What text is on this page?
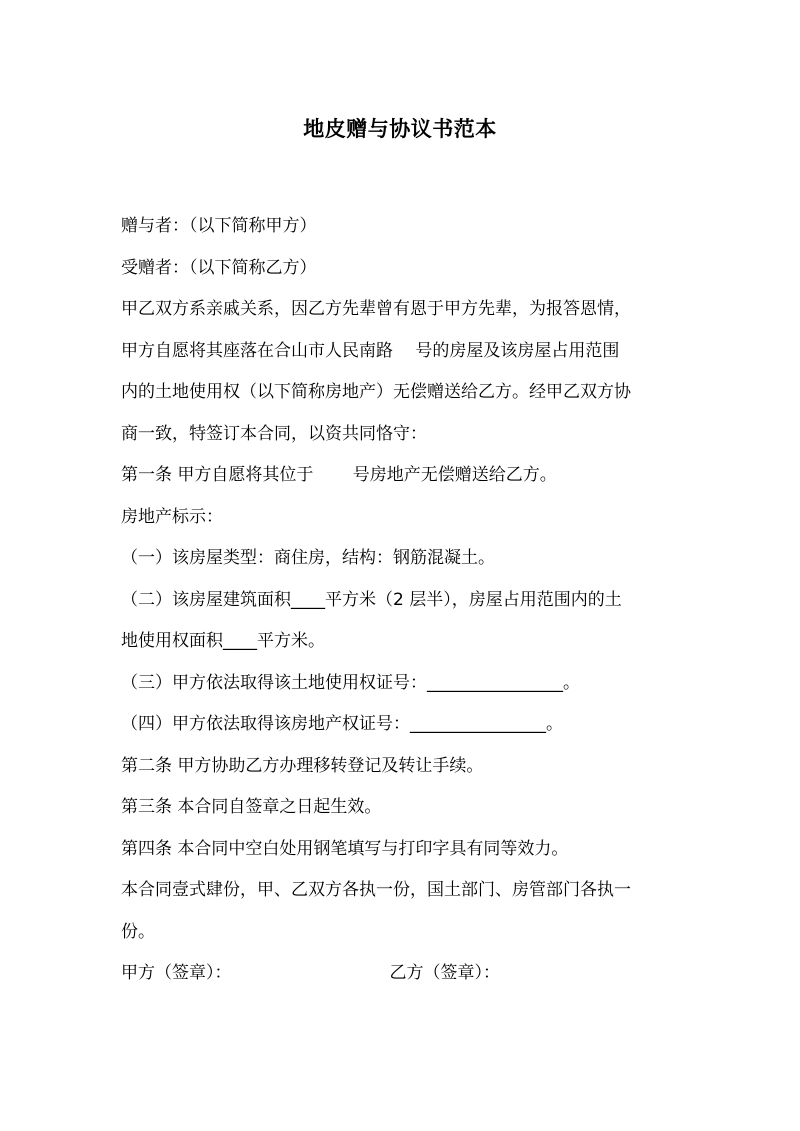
地皮赠与协议书范本
赠与者：（以下简称甲方）
受赠者：（以下简称乙方）
甲乙双方系亲戚关系，因乙方先辈曾有恩于甲方先辈，为报答恩情，
甲方自愿将其座落在合山市人民南路　 号的房屋及该房屋占用范围
内的土地使用权（以下简称房地产）无偿赠送给乙方。经甲乙双方协
商一致，特签订本合同，以资共同恪守：
第一条 甲方自愿将其位于　　 号房地产无偿赠送给乙方。
房地产标示：
（一）该房屋类型：商住房，结构：钢筋混凝土。
（二）该房屋建筑面积____平方米（2 层半），房屋占用范围内的土
地使用权面积____平方米。
（三）甲方依法取得该土地使用权证号：________________。
（四）甲方依法取得该房地产权证号：________________。
第二条 甲方协助乙方办理移转登记及转让手续。
第三条 本合同自签章之日起生效。
第四条 本合同中空白处用钢笔填写与打印字具有同等效力。
本合同壹式肆份，甲、乙双方各执一份，国土部门、房管部门各执一
份。
甲方（签章）：	乙方（签章）：
